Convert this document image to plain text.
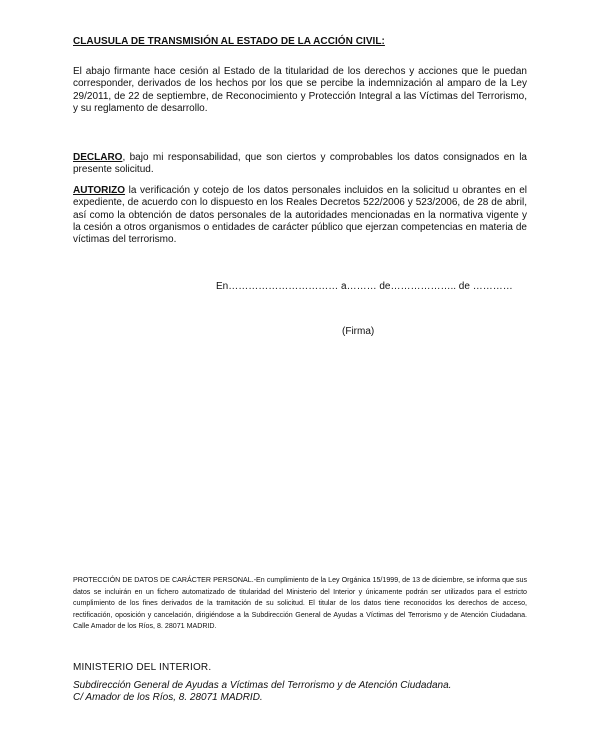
CLAUSULA DE TRANSMISIÓN AL ESTADO DE LA ACCIÓN CIVIL:

El abajo firmante hace cesión al Estado de la titularidad de los derechos y acciones que le puedan corresponder, derivados de los hechos por los que se percibe la indemnización al amparo de la Ley 29/2011, de 22 de septiembre, de Reconocimiento y Protección Integral a las Víctimas del Terrorismo, y su reglamento de desarrollo.

DECLARO, bajo mi responsabilidad, que son ciertos y comprobables los datos consignados en la presente solicitud.

AUTORIZO la verificación y cotejo de los datos personales incluidos en la solicitud u obrantes en el expediente, de acuerdo con lo dispuesto en los Reales Decretos 522/2006 y 523/2006, de 28 de abril, así como la obtención de datos personales de la autoridades mencionadas en la normativa vigente y la cesión a otros organismos o entidades de carácter público que ejerzan competencias en materia de víctimas del terrorismo.

En…………………………… a……… de……………….. de …………
(Firma)

PROTECCIÓN DE DATOS DE CARÁCTER PERSONAL.-En cumplimiento de la Ley Orgánica 15/1999, de 13 de diciembre, se informa que sus datos se incluirán en un fichero automatizado de titularidad del Ministerio del Interior y únicamente podrán ser utilizados para el estricto cumplimiento de los fines derivados de la tramitación de su solicitud. El titular de los datos tiene reconocidos los derechos de acceso, rectificación, oposición y cancelación, dirigiéndose a la Subdirección General de Ayudas a Víctimas del Terrorismo y de Atención Ciudadana. Calle Amador de los Ríos, 8. 28071 MADRID.

MINISTERIO DEL INTERIOR.
Subdirección General de Ayudas a Víctimas del Terrorismo y de Atención Ciudadana.
C/ Amador de los Ríos, 8. 28071 MADRID.
